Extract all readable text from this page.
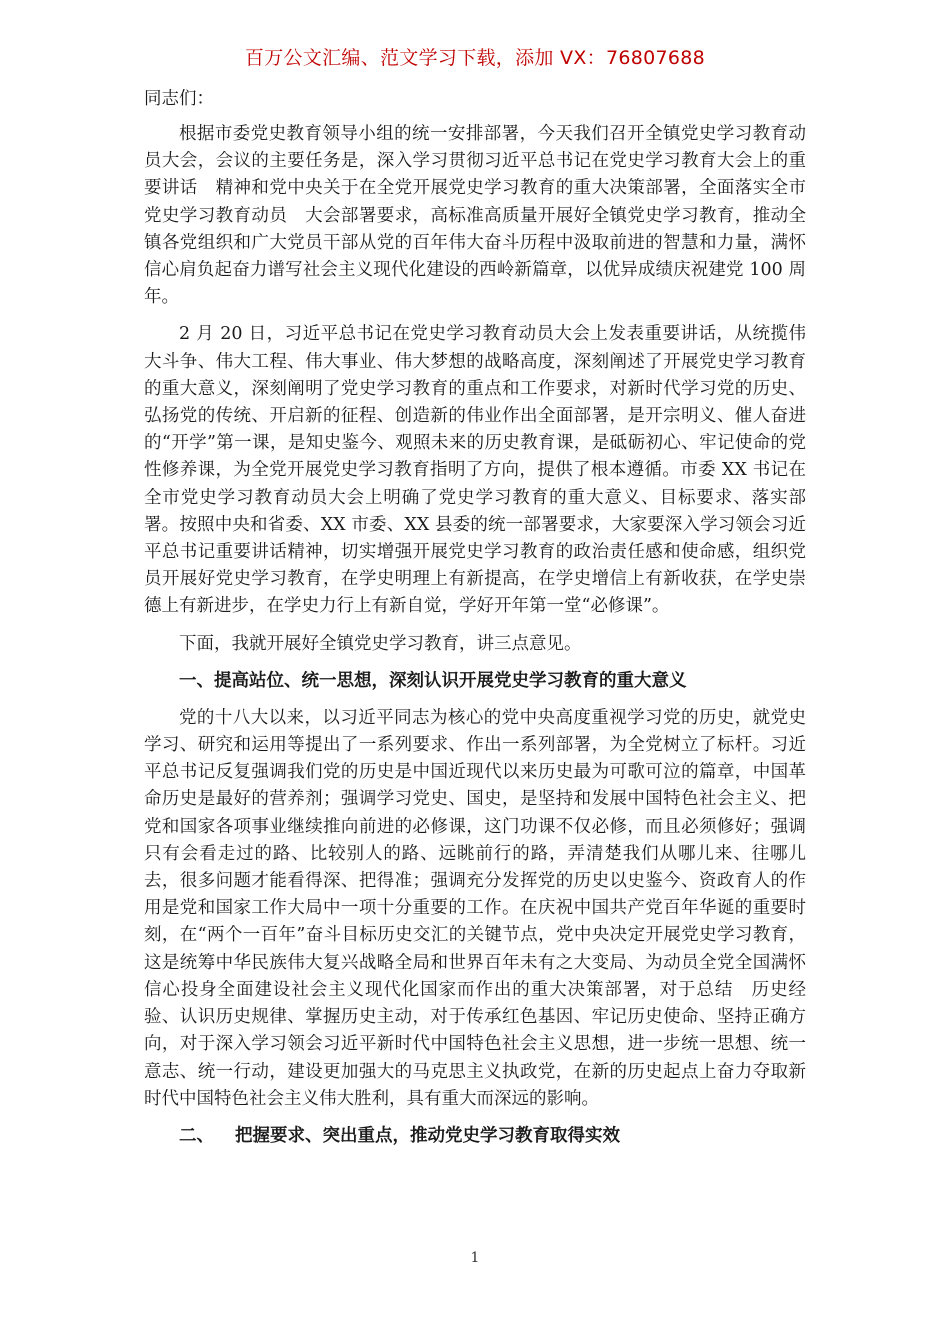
百万公文汇编、范文学习下载，添加 VX：76807688

同志们：

根据市委党史教育领导小组的统一安排部署，今天我们召开全镇党史学习教育动员大会，会议的主要任务是，深入学习贯彻习近平总书记在党史学习教育大会上的重要讲话　精神和党中央关于在全党开展党史学习教育的重大决策部署，全面落实全市党史学习教育动员　大会部署要求，高标准高质量开展好全镇党史学习教育，推动全镇各党组织和广大党员干部从党的百年伟大奋斗历程中汲取前进的智慧和力量，满怀信心肩负起奋力谱写社会主义现代化建设的西岭新篇章，以优异成绩庆祝建党 100 周年。

2 月 20 日，习近平总书记在党史学习教育动员大会上发表重要讲话，从统揽伟大斗争、伟大工程、伟大事业、伟大梦想的战略高度，深刻阐述了开展党史学习教育的重大意义，深刻阐明了党史学习教育的重点和工作要求，对新时代学习党的历史、弘扬党的传统、开启新的征程、创造新的伟业作出全面部署，是开宗明义、催人奋进的“开学”第一课，是知史鉴今、观照未来的历史教育课，是砥砺初心、牢记使命的党性修养课，为全党开展党史学习教育指明了方向，提供了根本遵循。市委 XX 书记在全市党史学习教育动员大会上明确了党史学习教育的重大意义、目标要求、落实部署。按照中央和省委、XX 市委、XX 县委的统一部署要求，大家要深入学习领会习近平总书记重要讲话精神，切实增强开展党史学习教育的政治责任感和使命感，组织党员开展好党史学习教育，在学史明理上有新提高，在学史增信上有新收获，在学史崇德上有新进步，在学史力行上有新自觉，学好开年第一堂“必修课”。

下面，我就开展好全镇党史学习教育，讲三点意见。

一、提高站位、统一思想，深刻认识开展党史学习教育的重大意义

党的十八大以来，以习近平同志为核心的党中央高度重视学习党的历史，就党史学习、研究和运用等提出了一系列要求、作出一系列部署，为全党树立了标杆。习近平总书记反复强调我们党的历史是中国近现代以来历史最为可歌可泣的篇章，中国革命历史是最好的营养剂；强调学习党史、国史，是坚持和发展中国特色社会主义、把党和国家各项事业继续推向前进的必修课，这门功课不仅必修，而且必须修好；强调只有会看走过的路、比较别人的路、远眺前行的路，弄清楚我们从哪儿来、往哪儿去，很多问题才能看得深、把得准；强调充分发挥党的历史以史鉴今、资政育人的作用是党和国家工作大局中一项十分重要的工作。在庆祝中国共产党百年华诞的重要时刻，在“两个一百年”奋斗目标历史交汇的关键节点，党中央决定开展党史学习教育，这是统筹中华民族伟大复兴战略全局和世界百年未有之大变局、为动员全党全国满怀信心投身全面建设社会主义现代化国家而作出的重大决策部署，对于总结　历史经验、认识历史规律、掌握历史主动，对于传承红色基因、牢记历史使命、坚持正确方向，对于深入学习领会习近平新时代中国特色社会主义思想，进一步统一思想、统一意志、统一行动，建设更加强大的马克思主义执政党，在新的历史起点上奋力夺取新时代中国特色社会主义伟大胜利，具有重大而深远的影响。

二、 把握要求、突出重点，推动党史学习教育取得实效

1
